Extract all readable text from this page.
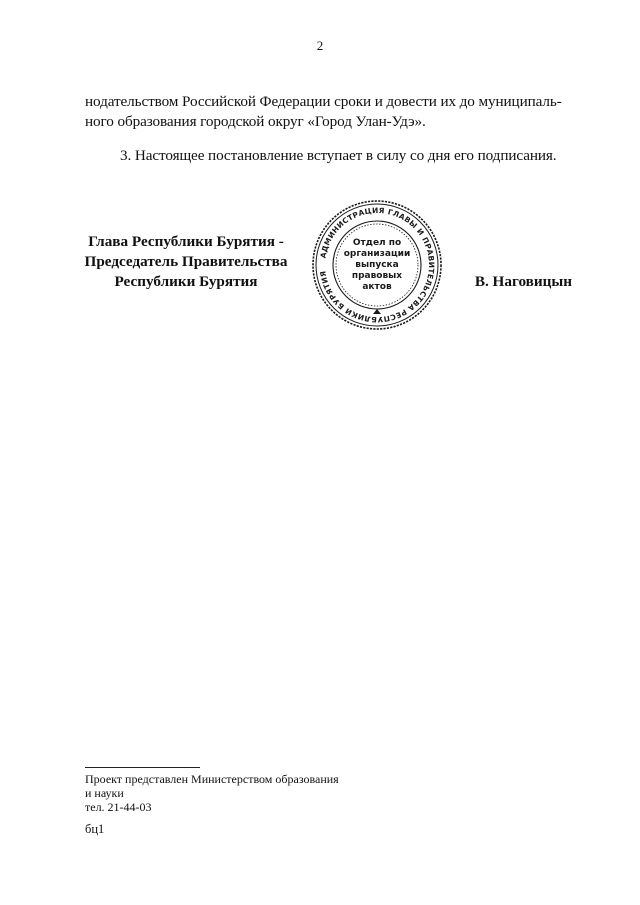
2
нодательством Российской Федерации сроки и довести их до муниципаль-
ного образования городской округ «Город Улан-Удэ».
3. Настоящее постановление вступает в силу со дня его подписания.
Глава Республики Бурятия -
Председатель Правительства
Республики Бурятия
АДМИНИСТРАЦИЯ ГЛАВЫ И ПРАВИТЕЛЬСТВА РЕСПУБЛИКИ БУРЯТИЯ
Отдел по
организации
выпуска
правовых
актов	В. Наговицын
Проект представлен Министерством образования
и науки
тел. 21-44-03
бц1
